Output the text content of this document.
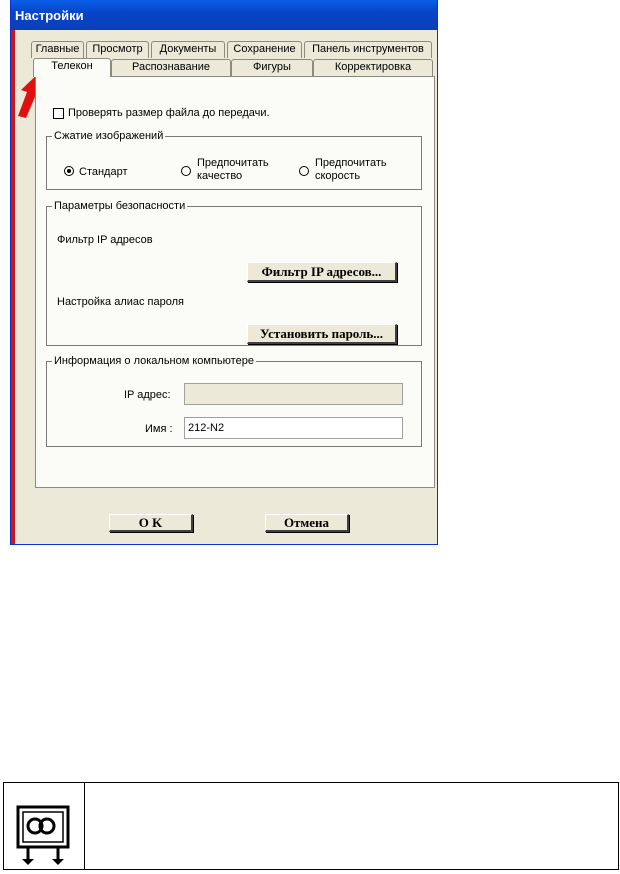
Настройки
Главные	Просмотр	Документы	Сохранение	Панель инструментов
Телекон	Распознавание	Фигуры	Корректировка
Проверять размер файла до передачи.
Сжатие изображений
Стандарт
Предпочитать
качество
Предпочитать
скорость
Параметры безопасности
Фильтр IP адресов
Фильтр IP адресов...
Настройка алиас пароля
Установить пароль...
Информация о локальном компьютере
IP адрес:
Имя :	212-N2
O K	Отмена
